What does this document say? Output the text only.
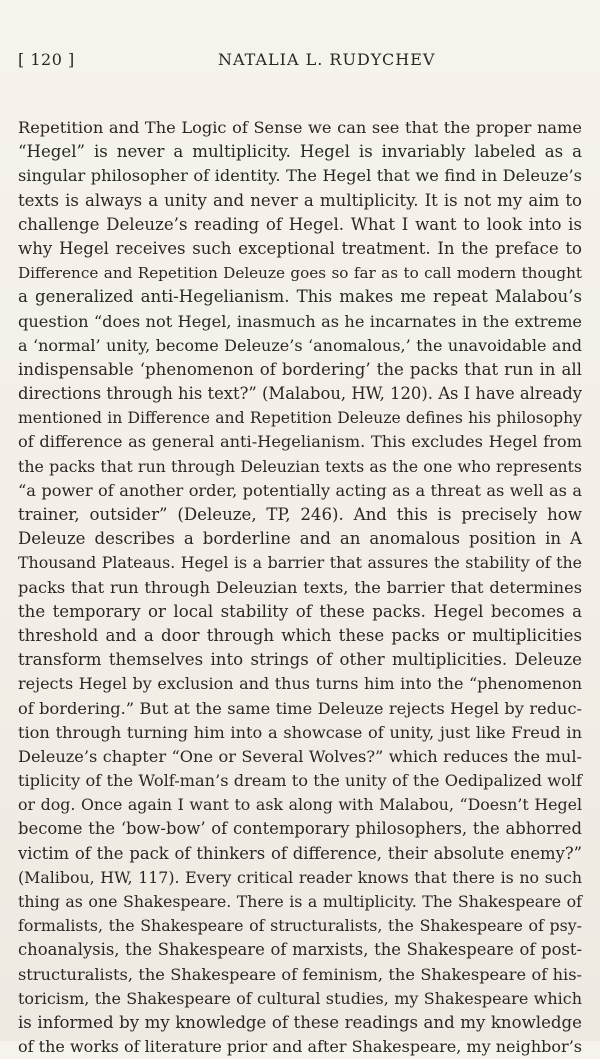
[ 120 ]	NATALIA L. RUDYCHEV
Repetition and The Logic of Sense we can see that the proper name
“Hegel” is never a multiplicity. Hegel is invariably labeled as a
singular philosopher of identity. The Hegel that we find in Deleuze’s
texts is always a unity and never a multiplicity. It is not my aim to
challenge Deleuze’s reading of Hegel. What I want to look into is
why Hegel receives such exceptional treatment. In the preface to
Difference and Repetition Deleuze goes so far as to call modern thought
a generalized anti-Hegelianism. This makes me repeat Malabou’s
question “does not Hegel, inasmuch as he incarnates in the extreme
a ‘normal’ unity, become Deleuze’s ‘anomalous,’ the unavoidable and
indispensable ‘phenomenon of bordering’ the packs that run in all
directions through his text?” (Malabou, HW, 120). As I have already
mentioned in Difference and Repetition Deleuze defines his philosophy
of difference as general anti-Hegelianism. This excludes Hegel from
the packs that run through Deleuzian texts as the one who represents
“a power of another order, potentially acting as a threat as well as a
trainer, outsider” (Deleuze, TP, 246). And this is precisely how
Deleuze describes a borderline and an anomalous position in A
Thousand Plateaus. Hegel is a barrier that assures the stability of the
packs that run through Deleuzian texts, the barrier that determines
the temporary or local stability of these packs. Hegel becomes a
threshold and a door through which these packs or multiplicities
transform themselves into strings of other multiplicities. Deleuze
rejects Hegel by exclusion and thus turns him into the “phenomenon
of bordering.” But at the same time Deleuze rejects Hegel by reduc-
tion through turning him into a showcase of unity, just like Freud in
Deleuze’s chapter “One or Several Wolves?” which reduces the mul-
tiplicity of the Wolf-man’s dream to the unity of the Oedipalized wolf
or dog. Once again I want to ask along with Malabou, “Doesn’t Hegel
become the ‘bow-bow’ of contemporary philosophers, the abhorred
victim of the pack of thinkers of difference, their absolute enemy?”
(Malibou, HW, 117). Every critical reader knows that there is no such
thing as one Shakespeare. There is a multiplicity. The Shakespeare of
formalists, the Shakespeare of structuralists, the Shakespeare of psy-
choanalysis, the Shakespeare of marxists, the Shakespeare of post-
structuralists, the Shakespeare of feminism, the Shakespeare of his-
toricism, the Shakespeare of cultural studies, my Shakespeare which
is informed by my knowledge of these readings and my knowledge
of the works of literature prior and after Shakespeare, my neighbor’s
